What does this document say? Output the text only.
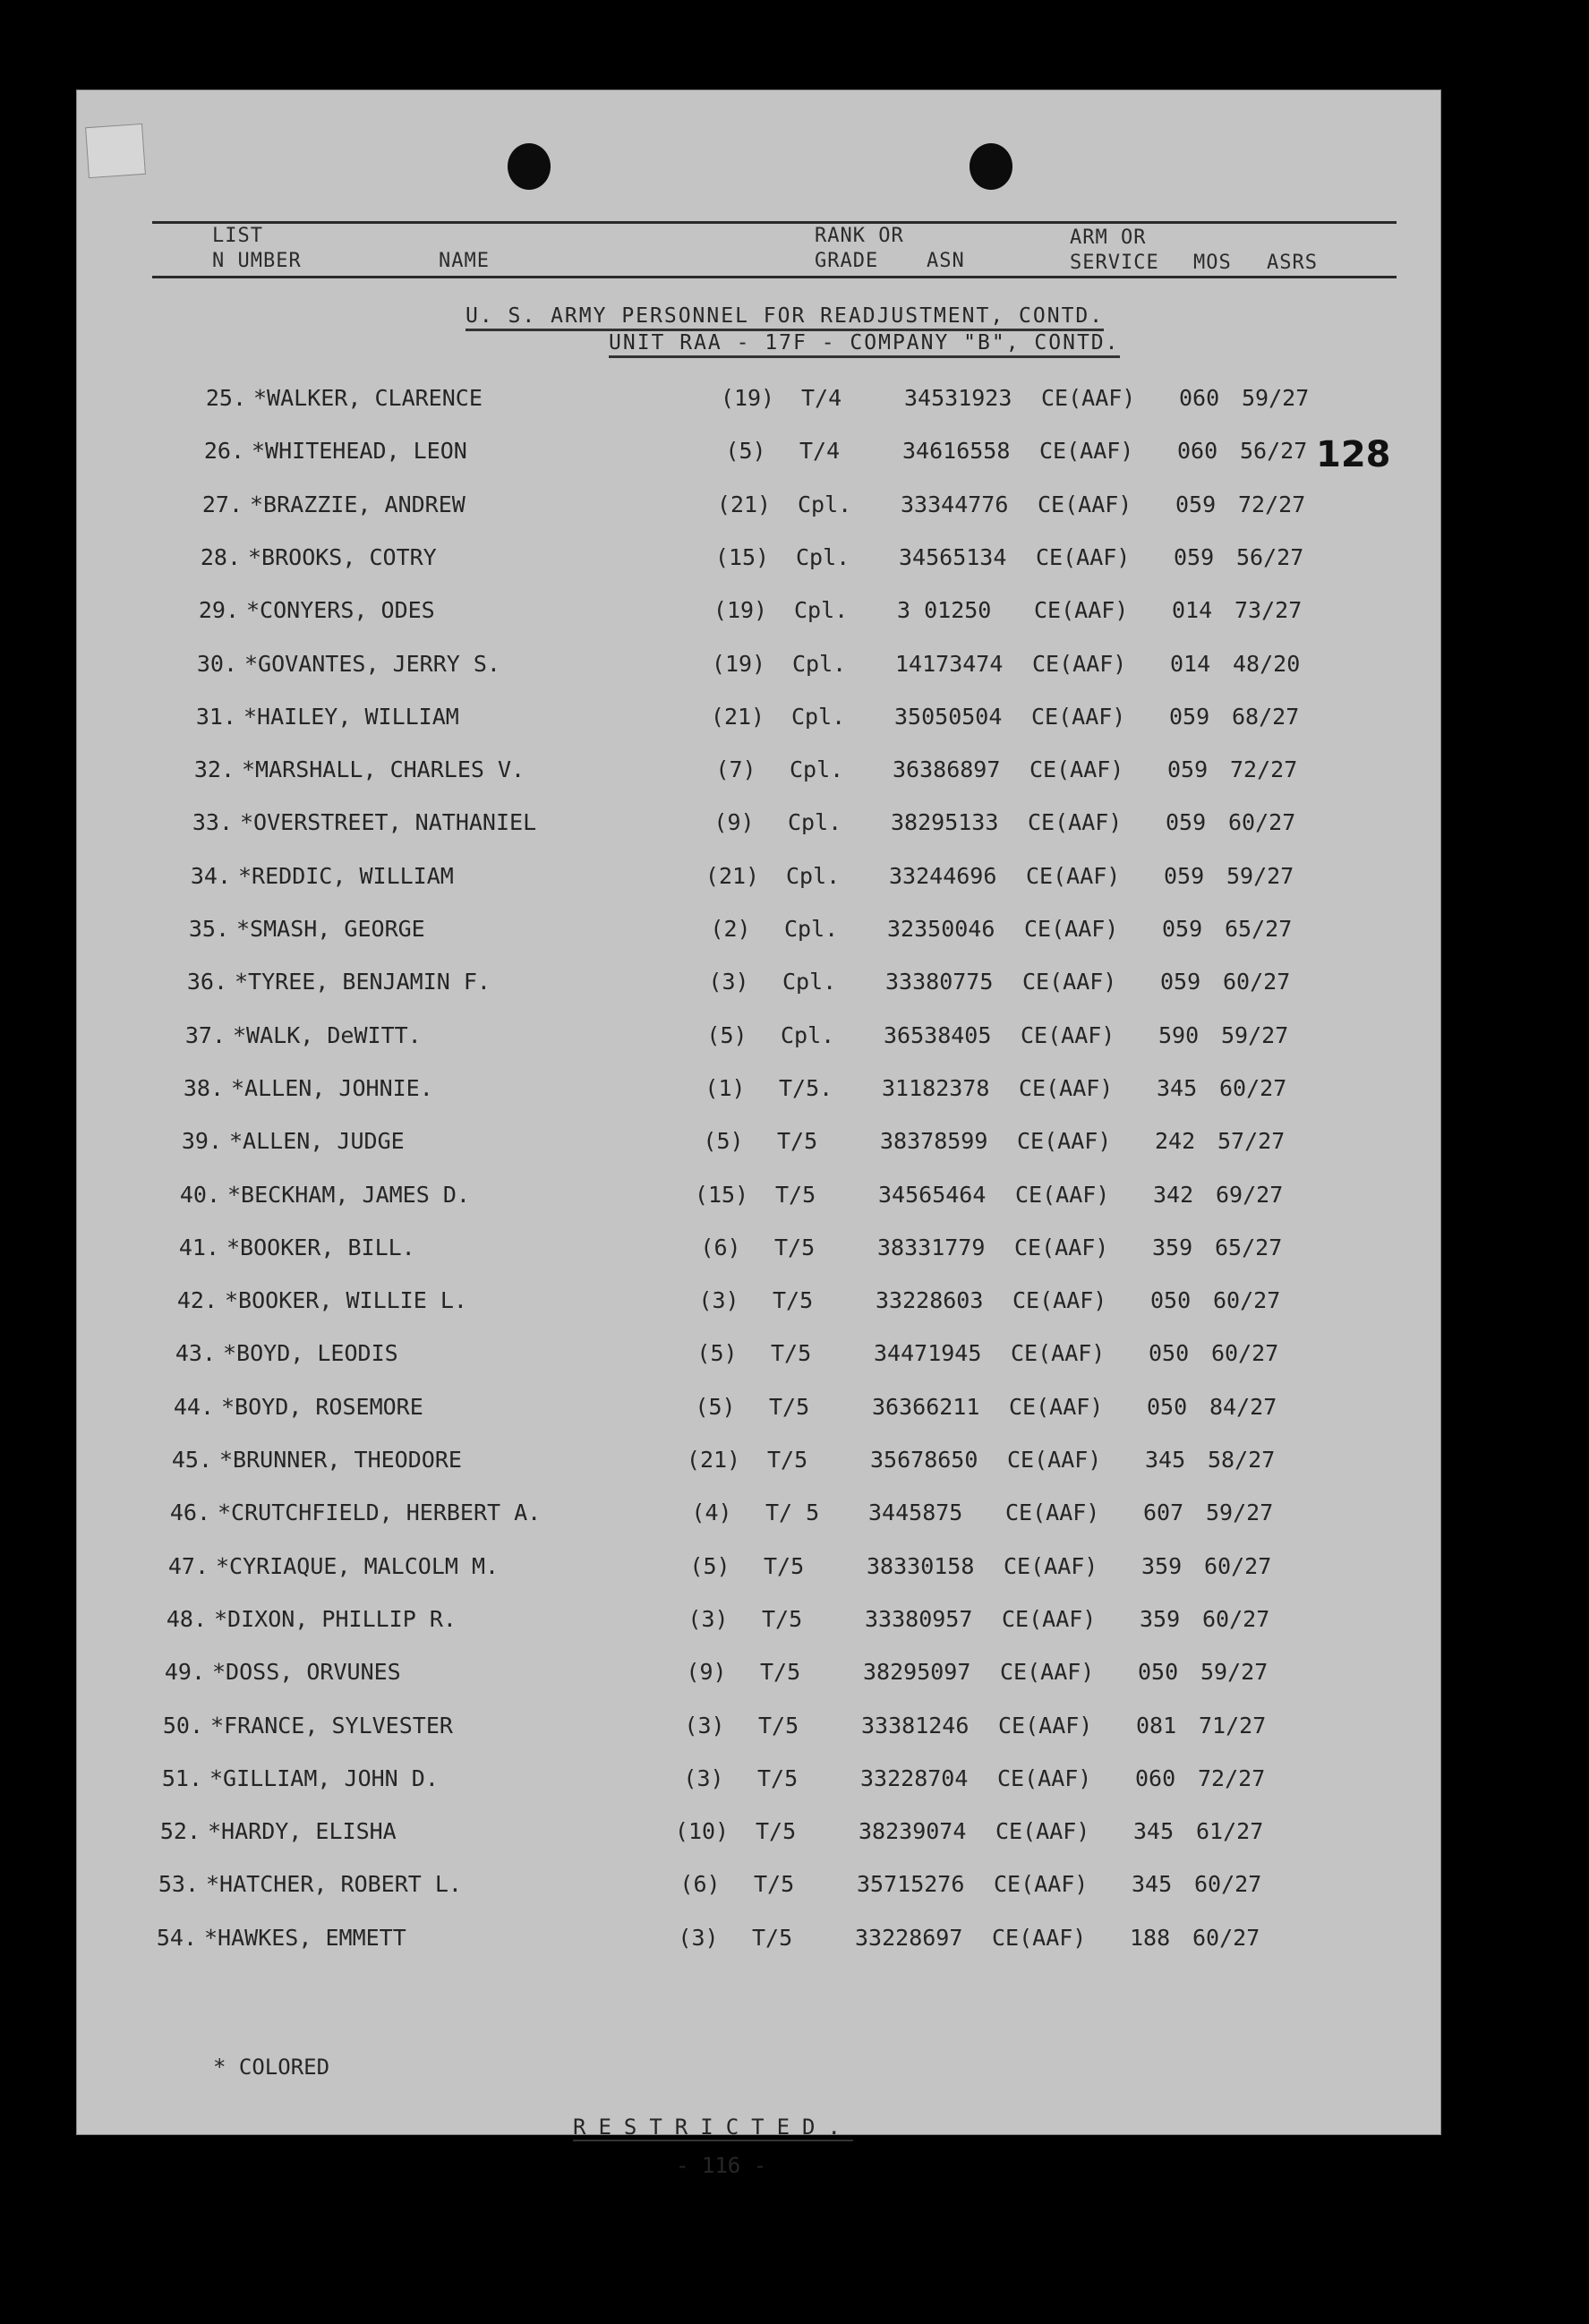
LIST
N UMBER	NAME
RANK OR
GRADE	ASN
ARM OR
SERVICE MOS ASRS
U. S. ARMY PERSONNEL FOR READJUSTMENT, CONTD.
UNIT RAA - 17F - COMPANY "B", CONTD.
128
25. *WALKER, CLARENCE	(19)	T/4	34531923 CE(AAF) 060 59/27
26. *WHITEHEAD, LEON	(5)	T/4	34616558 CE(AAF) 060 56/27
27. *BRAZZIE, ANDREW	(21)	Cpl. 33344776 CE(AAF) 059 72/27
28. *BROOKS, COTRY	(15)	Cpl. 34565134 CE(AAF) 059 56/27
29. *CONYERS, ODES	(19)	Cpl. 3 01250 CE(AAF) 014 73/27
30. *GOVANTES, JERRY S.	(19)	Cpl. 14173474 CE(AAF) 014 48/20
31. *HAILEY, WILLIAM	(21)	Cpl. 35050504 CE(AAF) 059 68/27
32. *MARSHALL, CHARLES V.	(7)	Cpl. 36386897 CE(AAF) 059 72/27
33. *OVERSTREET, NATHANIEL	(9)	Cpl. 38295133 CE(AAF) 059 60/27
34. *REDDIC, WILLIAM	(21)	Cpl. 33244696 CE(AAF) 059 59/27
35. *SMASH, GEORGE	(2)	Cpl. 32350046 CE(AAF) 059 65/27
36. *TYREE, BENJAMIN F.	(3)	Cpl. 33380775 CE(AAF) 059 60/27
37. *WALK, DeWITT.	(5)	Cpl. 36538405 CE(AAF) 590 59/27
38. *ALLEN, JOHNIE.	(1)	T/5. 31182378 CE(AAF) 345 60/27
39. *ALLEN, JUDGE	(5)	T/5	38378599 CE(AAF) 242 57/27
40. *BECKHAM, JAMES D.	(15)	T/5	34565464 CE(AAF) 342 69/27
41. *BOOKER, BILL.	(6)	T/5	38331779 CE(AAF) 359 65/27
42. *BOOKER, WILLIE L.	(3)	T/5	33228603 CE(AAF) 050 60/27
43. *BOYD, LEODIS	(5)	T/5	34471945 CE(AAF) 050 60/27
44. *BOYD, ROSEMORE	(5)	T/5	36366211 CE(AAF) 050 84/27
45. *BRUNNER, THEODORE	(21)	T/5	35678650 CE(AAF) 345 58/27
46. *CRUTCHFIELD, HERBERT A.	(4)	T/ 5 3445875 CE(AAF) 607 59/27
47. *CYRIAQUE, MALCOLM M.	(5)	T/5	38330158 CE(AAF) 359 60/27
48. *DIXON, PHILLIP R.	(3)	T/5	33380957 CE(AAF) 359 60/27
49. *DOSS, ORVUNES	(9)	T/5	38295097 CE(AAF) 050 59/27
50. *FRANCE, SYLVESTER	(3)	T/5	33381246 CE(AAF) 081 71/27
51. *GILLIAM, JOHN D.	(3)	T/5	33228704 CE(AAF) 060 72/27
52. *HARDY, ELISHA	(10)	T/5	38239074 CE(AAF) 345 61/27
53. *HATCHER, ROBERT L.	(6)	T/5	35715276 CE(AAF) 345 60/27
54. *HAWKES, EMMETT	(3)	T/5	33228697 CE(AAF) 188 60/27
* COLORED
RESTRICTED.
- 116 -
